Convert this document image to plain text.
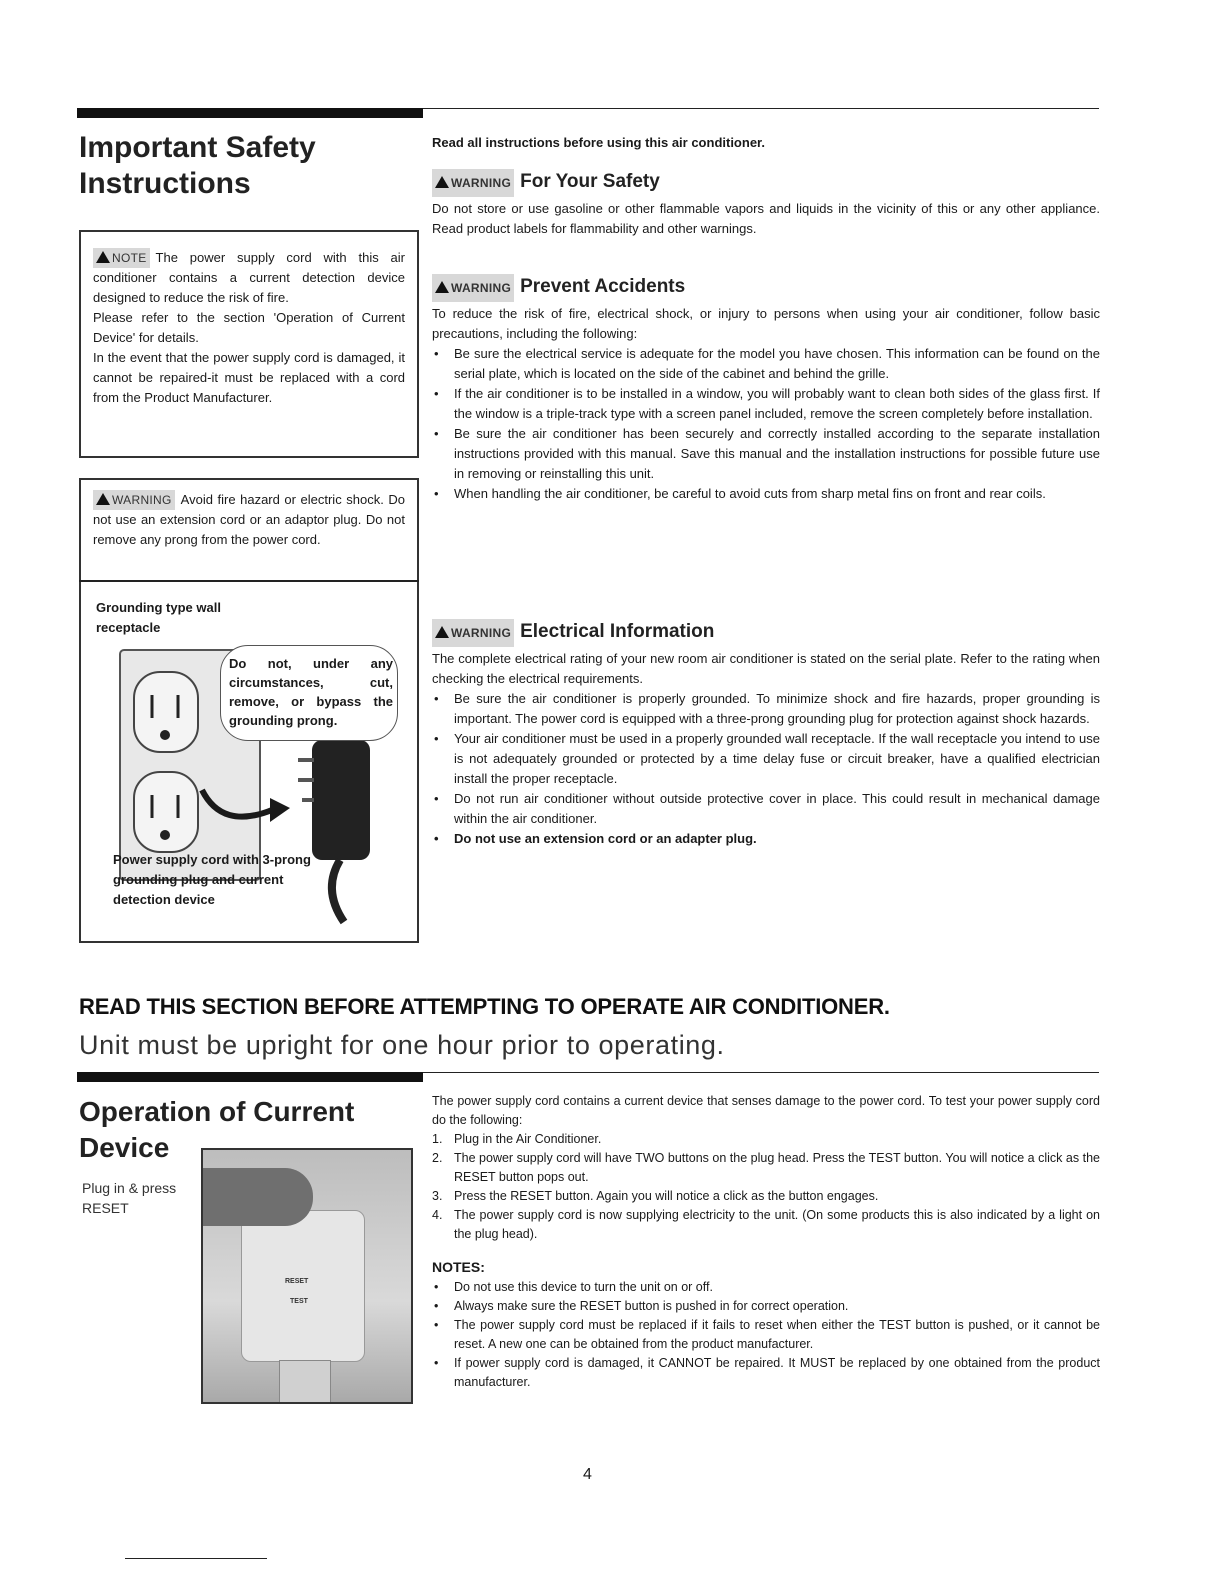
Important Safety
Instructions
NOTE The power supply cord with this air conditioner contains a current detection device designed to reduce the risk of fire.
Please refer to the section 'Operation of Current Device' for details.
In the event that the power supply cord is damaged, it cannot be repaired-it must be replaced with a cord from the Product Manufacturer.
WARNING Avoid fire hazard or electric shock. Do not use an extension cord or an adaptor plug. Do not remove any prong from the power cord.
Grounding type wall receptacle
Do not, under any circumstances, cut, remove, or bypass the grounding prong.
Power supply cord with 3-prong grounding plug and current detection device
Read all instructions before using this air conditioner.
WARNING For Your Safety

Do not store or use gasoline or other flammable vapors and liquids in the vicinity of this or any other appliance. Read product labels for flammability and other warnings.

WARNING Prevent Accidents

To reduce the risk of fire, electrical shock, or injury to persons when using your air conditioner, follow basic precautions, including the following:

• Be sure the electrical service is adequate for the model you have chosen. This information can be found on the serial plate, which is located on the side of the cabinet and behind the grille.
• If the air conditioner is to be installed in a window, you will probably want to clean both sides of the glass first. If the window is a triple-track type with a screen panel included, remove the screen completely before installation.
• Be sure the air conditioner has been securely and correctly installed according to the separate installation instructions provided with this manual. Save this manual and the installation instructions for possible future use in removing or reinstalling this unit.
• When handling the air conditioner, be careful to avoid cuts from sharp metal fins on front and rear coils.
WARNING Electrical Information

The complete electrical rating of your new room air conditioner is stated on the serial plate. Refer to the rating when checking the electrical requirements.

• Be sure the air conditioner is properly grounded. To minimize shock and fire hazards, proper grounding is important. The power cord is equipped with a three-prong grounding plug for protection against shock hazards.
• Your air conditioner must be used in a properly grounded wall receptacle. If the wall receptacle you intend to use is not adequately grounded or protected by a time delay fuse or circuit breaker, have a qualified electrician install the proper receptacle.
• Do not run air conditioner without outside protective cover in place. This could result in mechanical damage within the air conditioner.
• Do not use an extension cord or an adapter plug.
READ THIS SECTION BEFORE ATTEMPTING TO OPERATE AIR CONDITIONER.
Unit must be upright for one hour prior to operating.
Operation of Current
Device
Plug in & press RESET
RESET
TEST

The power supply cord contains a current device that senses damage to the power cord. To test your power supply cord do the following:

1. Plug in the Air Conditioner.
2. The power supply cord will have TWO buttons on the plug head. Press the TEST button. You will notice a click as the RESET button pops out.
3. Press the RESET button. Again you will notice a click as the button engages.
4. The power supply cord is now supplying electricity to the unit. (On some products this is also indicated by a light on the plug head).
NOTES:
• Do not use this device to turn the unit on or off.
• Always make sure the RESET button is pushed in for correct operation.
• The power supply cord must be replaced if it fails to reset when either the TEST button is pushed, or it cannot be reset. A new one can be obtained from the product manufacturer.
• If power supply cord is damaged, it CANNOT be repaired. It MUST be replaced by one obtained from the product manufacturer.
4
